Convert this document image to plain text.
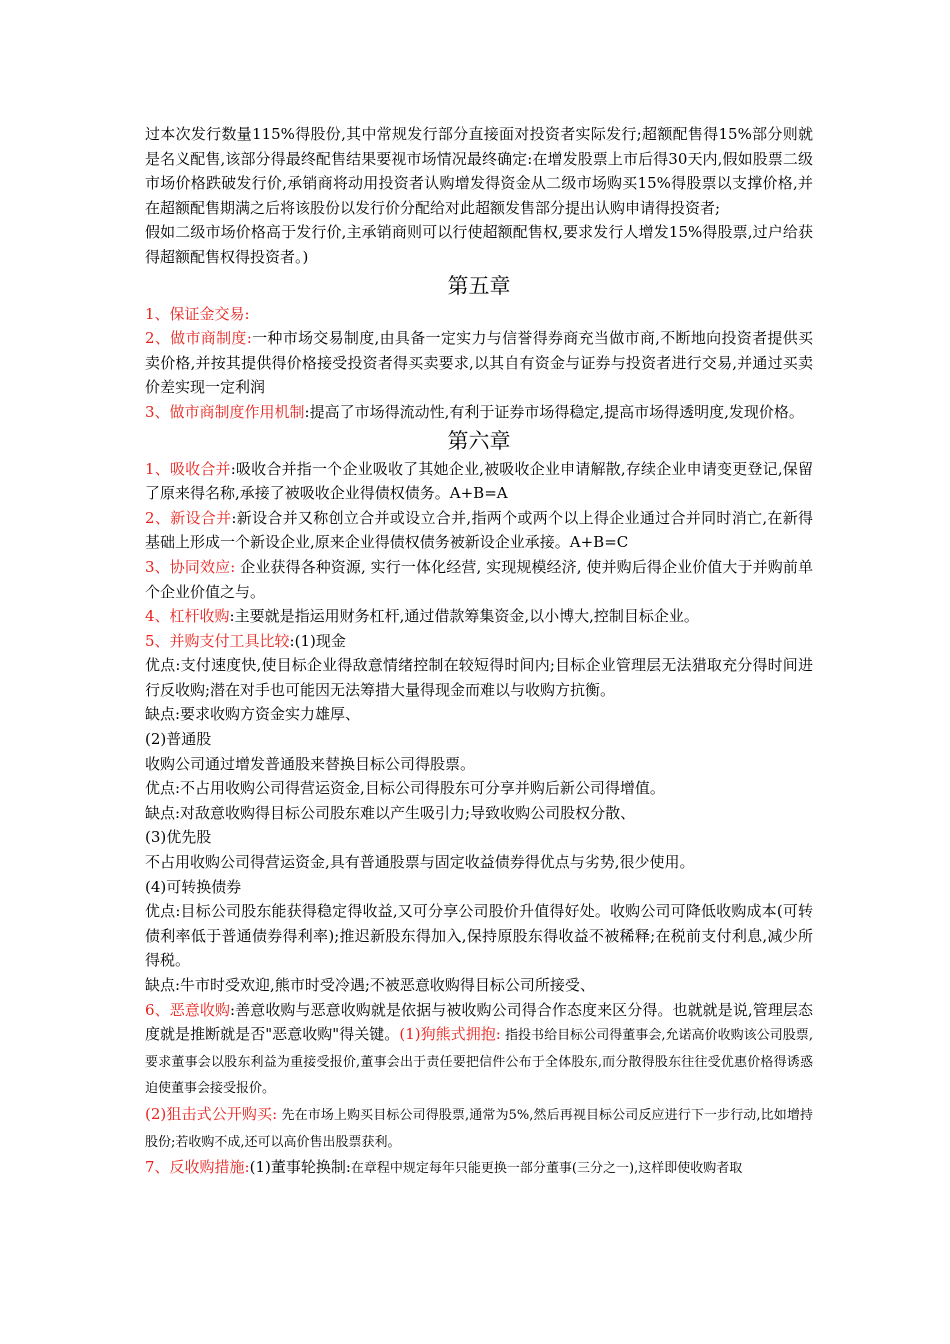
过本次发行数量115%得股份,其中常规发行部分直接面对投资者实际发行;超额配售得15%部分则就是名义配售,该部分得最终配售结果要视市场情况最终确定:在增发股票上市后得30天内,假如股票二级市场价格跌破发行价,承销商将动用投资者认购增发得资金从二级市场购买15%得股票以支撑价格,并在超额配售期满之后将该股份以发行价分配给对此超额发售部分提出认购申请得投资者;

假如二级市场价格高于发行价,主承销商则可以行使超额配售权,要求发行人增发15%得股票,过户给获得超额配售权得投资者。)

第五章

1、保证金交易:

2、做市商制度:一种市场交易制度,由具备一定实力与信誉得券商充当做市商,不断地向投资者提供买卖价格,并按其提供得价格接受投资者得买卖要求,以其自有资金与证券与投资者进行交易,并通过买卖价差实现一定利润

3、做市商制度作用机制:提高了市场得流动性,有利于证券市场得稳定,提高市场得透明度,发现价格。

第六章

1、吸收合并:吸收合并指一个企业吸收了其她企业,被吸收企业申请解散,存续企业申请变更登记,保留了原来得名称,承接了被吸收企业得债权债务。A+B=A

2、新设合并:新设合并又称创立合并或设立合并,指两个或两个以上得企业通过合并同时消亡,在新得基础上形成一个新设企业,原来企业得债权债务被新设企业承接。A+B=C

3、协同效应: 企业获得各种资源, 实行一体化经营, 实现规模经济, 使并购后得企业价值大于并购前单个企业价值之与。

4、杠杆收购:主要就是指运用财务杠杆,通过借款筹集资金,以小博大,控制目标企业。

5、并购支付工具比较:(1)现金

优点:支付速度快,使目标企业得敌意情绪控制在较短得时间内;目标企业管理层无法猎取充分得时间进行反收购;潜在对手也可能因无法筹措大量得现金而难以与收购方抗衡。

缺点:要求收购方资金实力雄厚、

(2)普通股

收购公司通过增发普通股来替换目标公司得股票。

优点:不占用收购公司得营运资金,目标公司得股东可分享并购后新公司得增值。

缺点:对敌意收购得目标公司股东难以产生吸引力;导致收购公司股权分散、

(3)优先股

不占用收购公司得营运资金,具有普通股票与固定收益债券得优点与劣势,很少使用。

(4)可转换债券

优点:目标公司股东能获得稳定得收益,又可分享公司股价升值得好处。收购公司可降低收购成本(可转债利率低于普通债券得利率);推迟新股东得加入,保持原股东得收益不被稀释;在税前支付利息,减少所得税。

缺点:牛市时受欢迎,熊市时受冷遇;不被恶意收购得目标公司所接受、

6、恶意收购:善意收购与恶意收购就是依据与被收购公司得合作态度来区分得。也就就是说,管理层态度就是推断就是否"恶意收购"得关键。(1)狗熊式拥抱: 指投书给目标公司得董事会,允诺高价收购该公司股票,要求董事会以股东利益为重接受报价,董事会出于责任要把信件公布于全体股东,而分散得股东往往受优惠价格得诱惑迫使董事会接受报价。

(2)狙击式公开购买: 先在市场上购买目标公司得股票,通常为5%,然后再视目标公司反应进行下一步行动,比如增持股份;若收购不成,还可以高价售出股票获利。

7、反收购措施:(1)董事轮换制:在章程中规定每年只能更换一部分董事(三分之一),这样即使收购者取
